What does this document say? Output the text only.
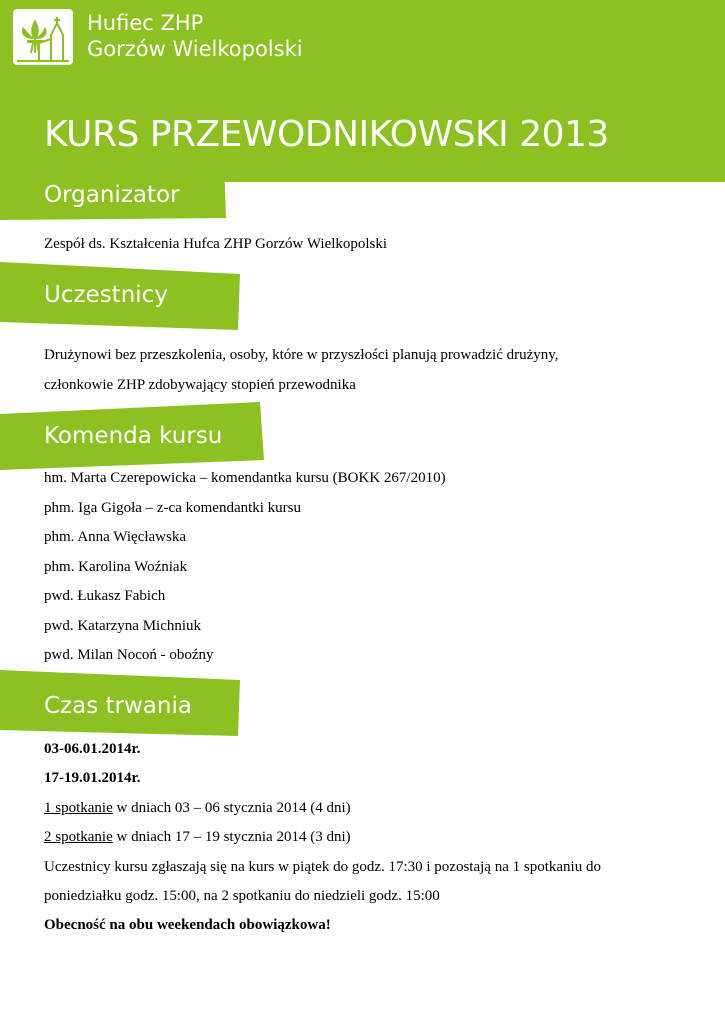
Hufiec ZHP
Gorzów Wielkopolski
KURS PRZEWODNIKOWSKI 2013
Organizator
Zespół ds. Kształcenia Hufca ZHP Gorzów Wielkopolski
Uczestnicy
Drużynowi bez przeszkolenia, osoby, które w przyszłości planują prowadzić drużyny,
członkowie ZHP zdobywający stopień przewodnika
Komenda kursu
hm. Marta Czerepowicka – komendantka kursu (BOKK 267/2010)
phm. Iga Gigoła – z-ca komendantki kursu
phm. Anna Więcławska
phm. Karolina Woźniak
pwd. Łukasz Fabich
pwd. Katarzyna Michniuk
pwd. Milan Nocoń - oboźny
Czas trwania
03-06.01.2014r.
17-19.01.2014r.
1 spotkanie w dniach 03 – 06 stycznia 2014 (4 dni)
2 spotkanie w dniach 17 – 19 stycznia 2014 (3 dni)
Uczestnicy kursu zgłaszają się na kurs w piątek do godz. 17:30 i pozostają na 1 spotkaniu do
poniedziałku godz. 15:00, na 2 spotkaniu do niedzieli godz. 15:00
Obecność na obu weekendach obowiązkowa!
